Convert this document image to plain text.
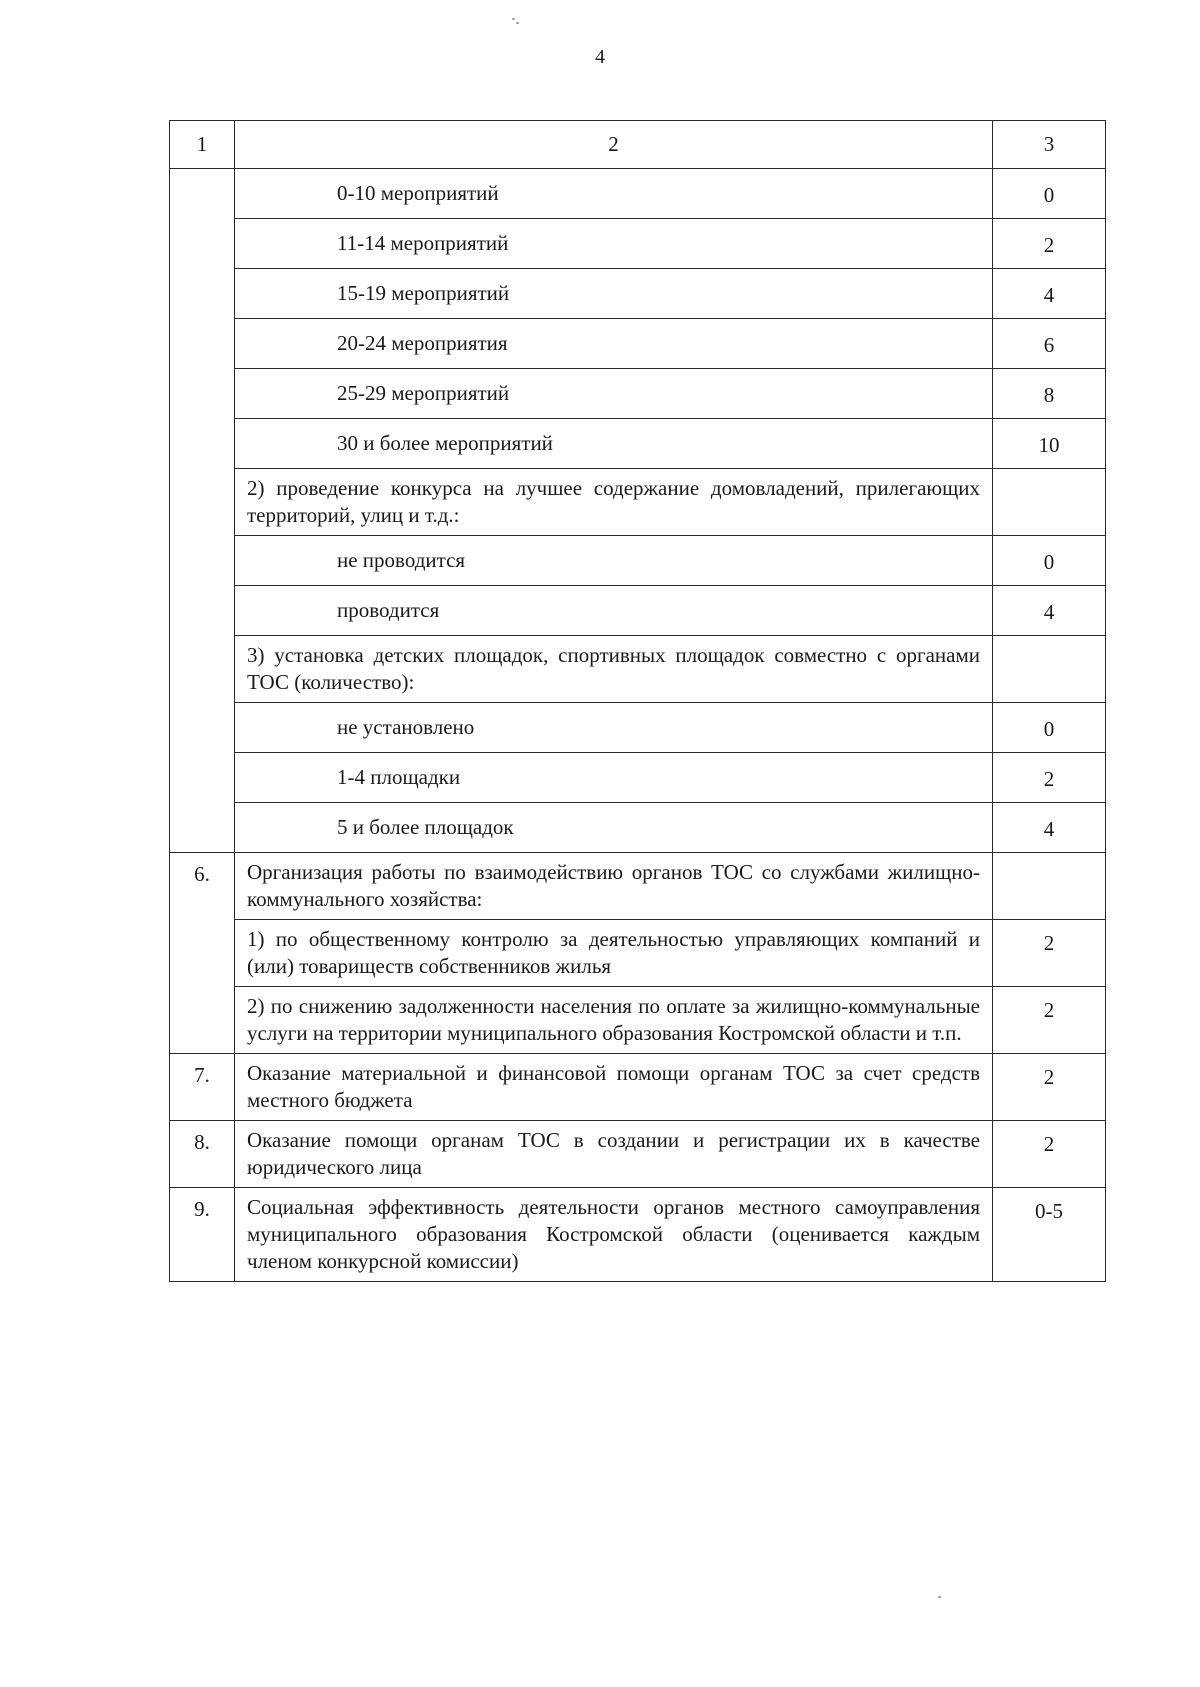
4
1	2	3
	0-10 мероприятий	0
	11-14 мероприятий	2
	15-19 мероприятий	4
	20-24 мероприятия	6
	25-29 мероприятий	8
	30 и более мероприятий	10
	2) проведение конкурса на лучшее содержание домовладений, прилегающих территорий, улиц и т.д.:	
	не проводится	0
	проводится	4
	3) установка детских площадок, спортивных площадок совместно с органами ТОС (количество):	
	не установлено	0
	1-4 площадки	2
	5 и более площадок	4
6.	Организация работы по взаимодействию органов ТОС со службами жилищно-коммунального хозяйства:	
	1) по общественному контролю за деятельностью управляющих компаний и (или) товариществ собственников жилья	2
	2) по снижению задолженности населения по оплате за жилищно-коммунальные услуги на территории муниципального образования Костромской области и т.п.	2
7.	Оказание материальной и финансовой помощи органам ТОС за счет средств местного бюджета	2
8.	Оказание помощи органам ТОС в создании и регистрации их в качестве юридического лица	2
9.	Социальная эффективность деятельности органов местного самоуправления муниципального образования Костромской области (оценивается каждым членом конкурсной комиссии)	0-5
